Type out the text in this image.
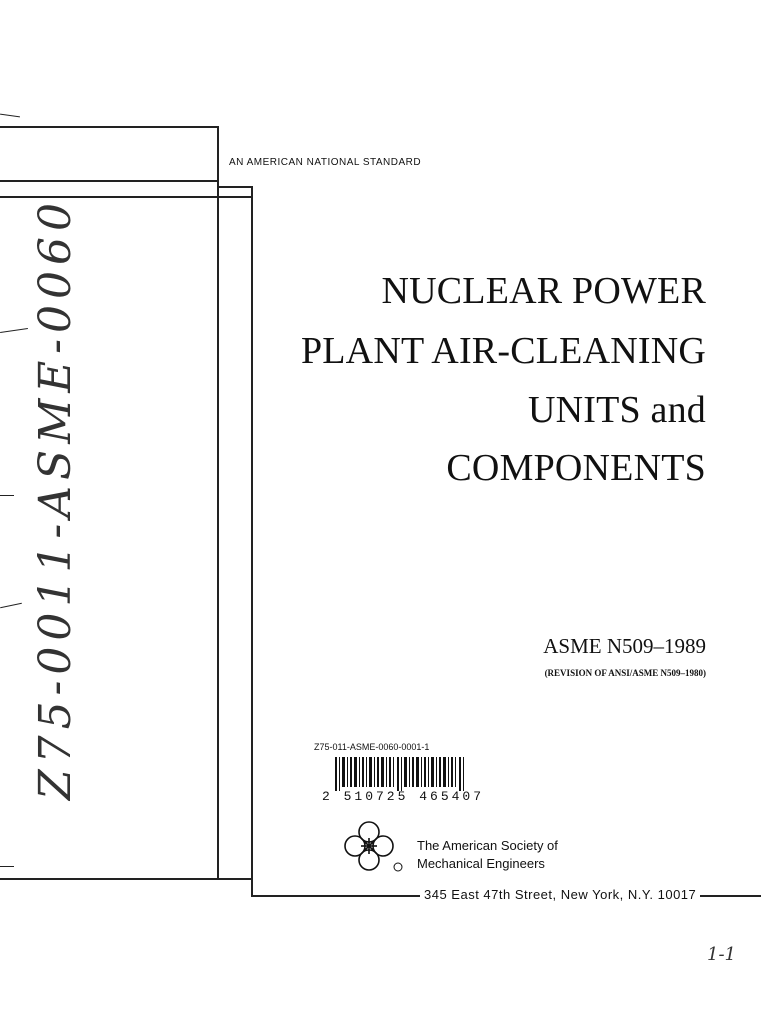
AN AMERICAN NATIONAL STANDARD
NUCLEAR POWER
PLANT AIR-CLEANING
UNITS and
COMPONENTS
ASME N509–1989
(REVISION OF ANSI/ASME N509–1980)
Z75-011-ASME-0060-0001-1
2 510725 465407
The American Society of
Mechanical Engineers
345 East 47th Street, New York, N.Y. 10017
Z75-0011-ASME-0060
1-1
